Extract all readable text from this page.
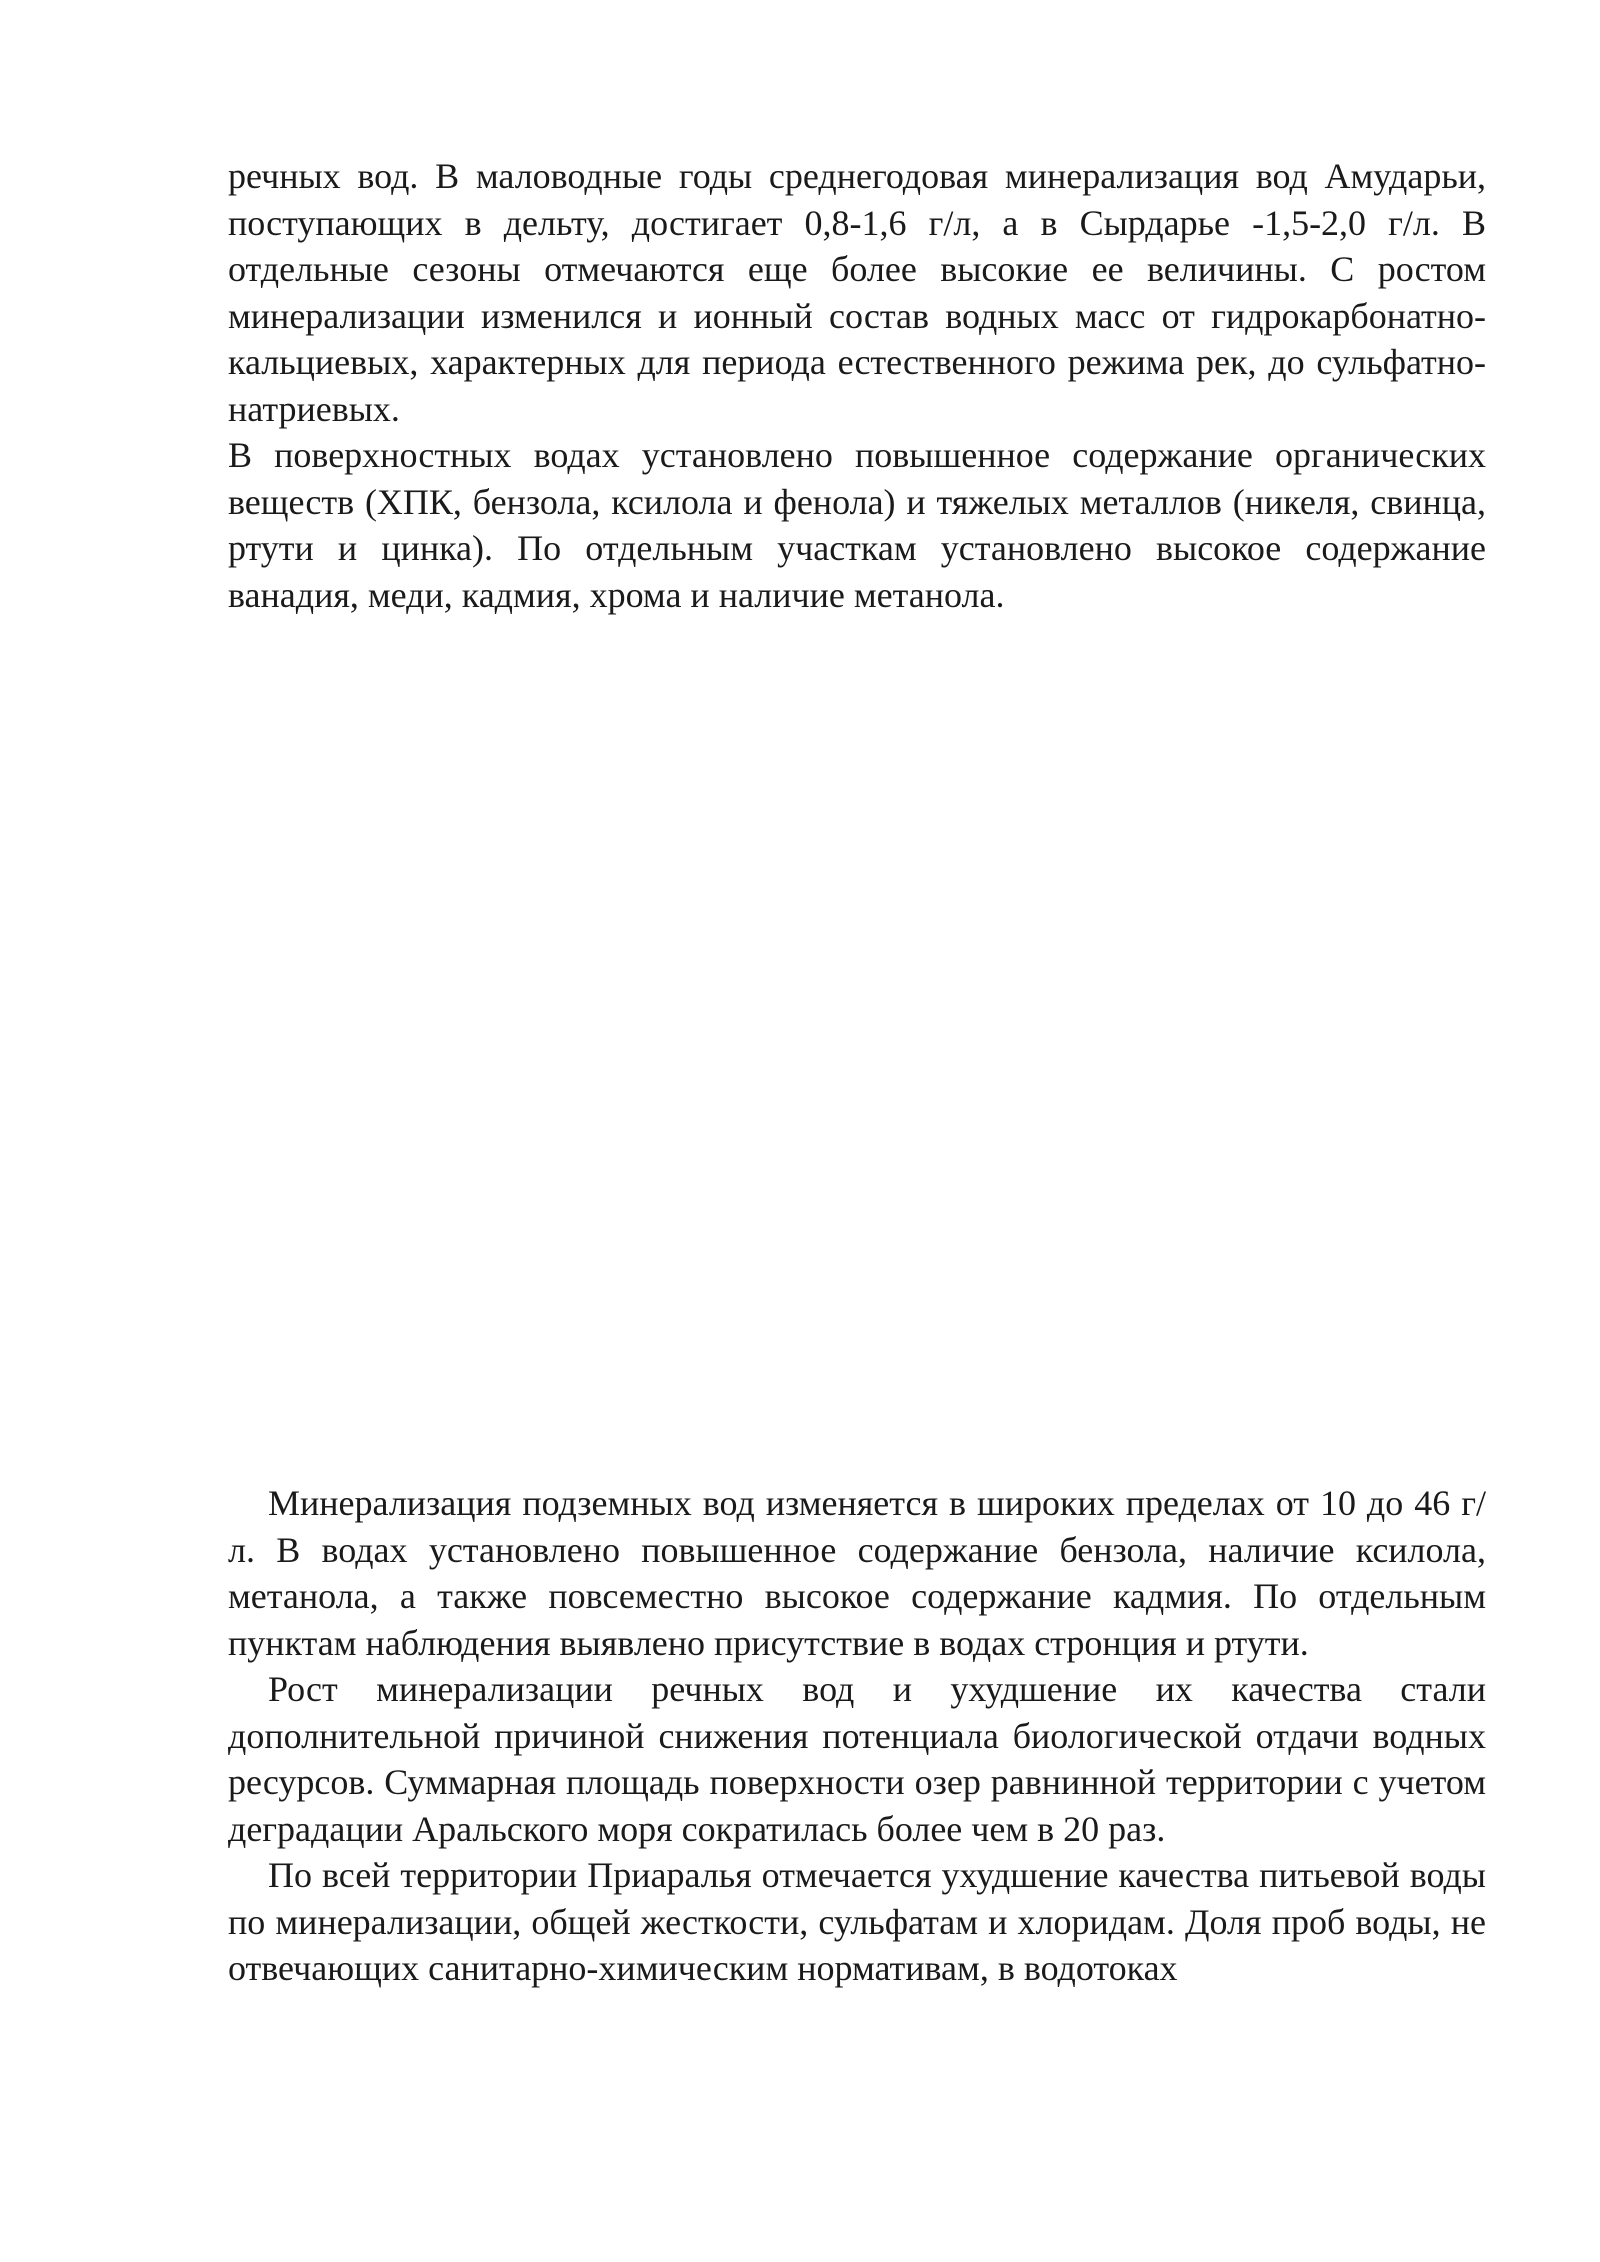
речных вод. В маловодные годы среднегодовая минерализация вод Амударьи, поступающих в дельту, достигает 0,8-1,6 г/л, а в Сырдарье -1,5-2,0 г/л. В отдельные сезоны отмечаются еще более высокие ее величины. С ростом минерализации изменился и ионный состав водных масс от гидрокарбонатно-кальциевых, характерных для периода естественного режима рек, до сульфатно-натриевых.

В поверхностных водах установлено повышенное содержание органических веществ (ХПК, бензола, ксилола и фенола) и тяжелых металлов (никеля, свинца, ртути и цинка). По отдельным участкам установлено высокое содержание ванадия, меди, кадмия, хрома и наличие метанола.

Минерализация подземных вод изменяется в широких пределах от 10 до 46 г/л. В водах установлено повышенное содержание бензола, наличие ксилола, метанола, а также повсеместно высокое содержание кадмия. По отдельным пунктам наблюдения выявлено присутствие в водах стронция и ртути.

Рост минерализации речных вод и ухудшение их качества стали дополнительной причиной снижения потенциала биологической отдачи водных ресурсов. Суммарная площадь поверхности озер равнинной территории с учетом деградации Аральского моря сократилась более чем в 20 раз.

По всей территории Приаралья отмечается ухудшение качества питьевой воды по минерализации, общей жесткости, сульфатам и хлоридам. Доля проб воды, не отвечающих санитарно-химическим нормативам, в водотоках
